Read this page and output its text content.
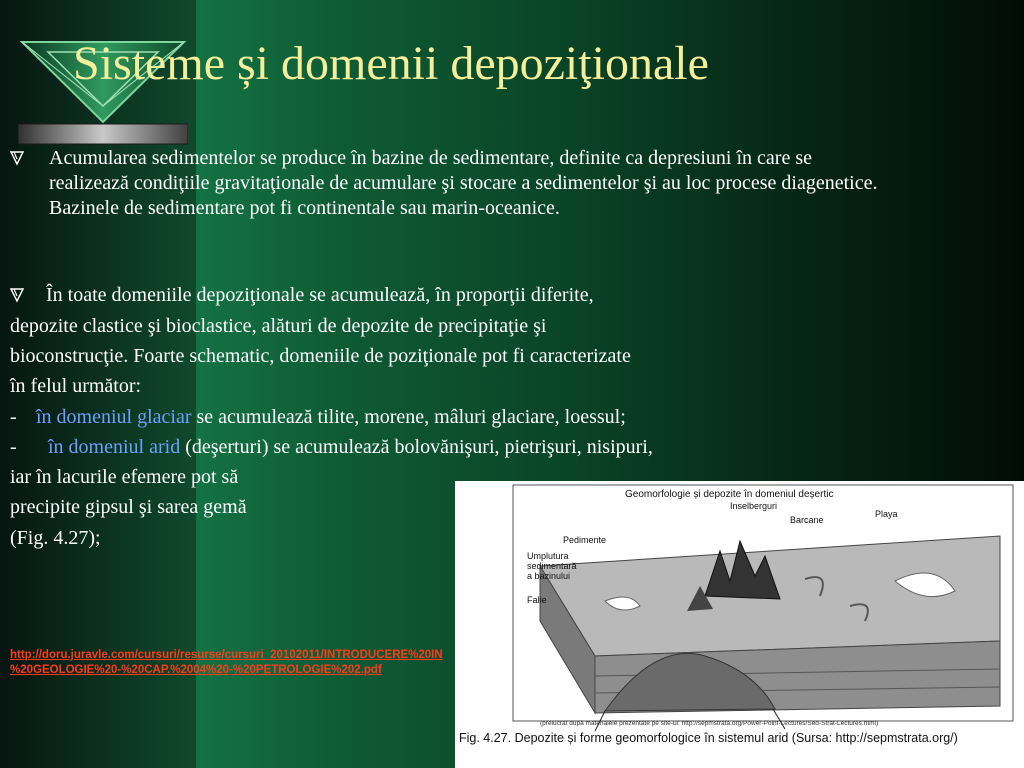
Sisteme și domenii depoziţionale
Acumularea sedimentelor se produce în bazine de sedimentare, definite ca depresiuni în care se realizează condiţiile gravitaţionale de acumulare şi stocare a sedimentelor şi au loc procese diagenetice. Bazinele de sedimentare pot fi continentale sau marin-oceanice.
În toate domeniile depoziţionale se acumulează, în proporţii diferite,
depozite clastice şi bioclastice, alături de depozite de precipitaţie şi
bioconstrucţie. Foarte schematic, domeniile de poziţionale pot fi caracterizate
în felul următor:
- în domeniul glaciar se acumulează tilite, morene, mâluri glaciare, loessul;
- în domeniul arid (deşerturi) se acumulează bolovănişuri, pietrişuri, nisipuri,
iar în lacurile efemere pot să
precipite gipsul şi sarea gemă
(Fig. 4.27);
http://doru.juravle.com/cursuri/resurse/cursuri_20102011/INTRODUCERE%20IN
%20GEOLOGIE%20-%20CAP.%2004%20-%20PETROLOGIE%202.pdf
Geomorfologie și depozite în domeniul deșertic
Inselberguri
Barcane
Playa
Pedimente
Umplutura
sedimentară
a bazinului
Falie
(prelucrat după materialele prezentate pe site-ul: http://sepmstrata.org/Power-Point-Lectures/Sed-Strat-Lectures.html)
Fig. 4.27. Depozite și forme geomorfologice în sistemul arid (Sursa: http://sepmstrata.org/)
